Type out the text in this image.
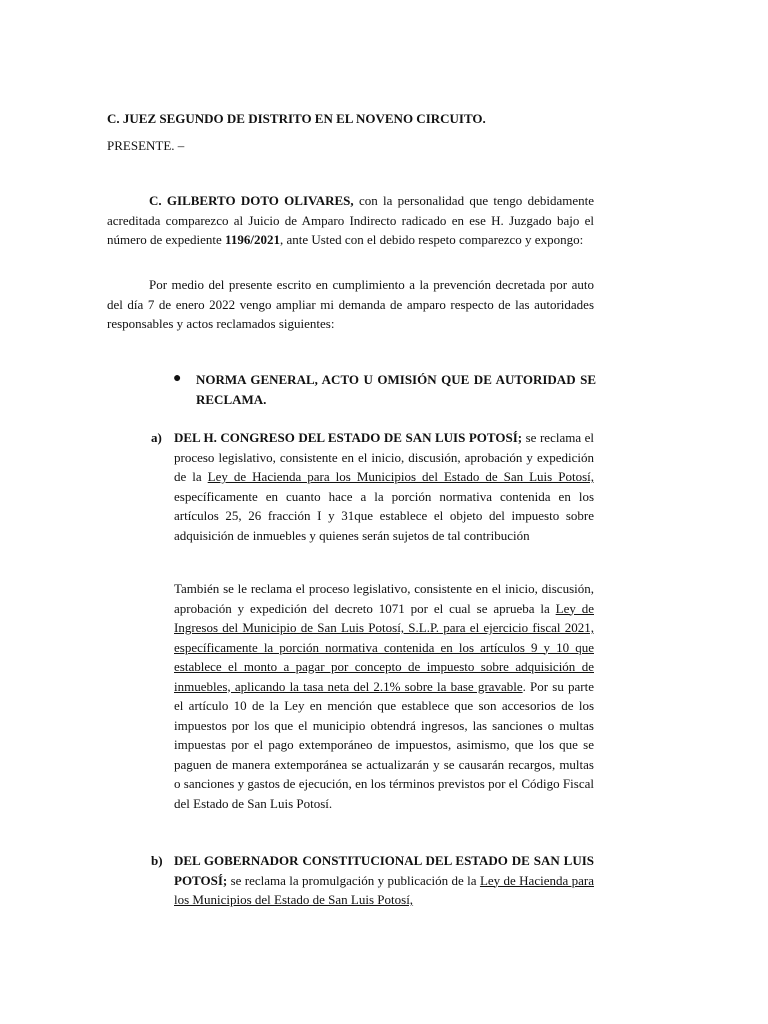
C. JUEZ SEGUNDO DE DISTRITO EN EL NOVENO CIRCUITO.

PRESENTE. –

C. GILBERTO DOTO OLIVARES, con la personalidad que tengo debidamente acreditada comparezco al Juicio de Amparo Indirecto radicado en ese H. Juzgado bajo el número de expediente 1196/2021, ante Usted con el debido respeto comparezco y expongo:

Por medio del presente escrito en cumplimiento a la prevención decretada por auto del día 7 de enero 2022 vengo ampliar mi demanda de amparo respecto de las autoridades responsables y actos reclamados siguientes:

● NORMA GENERAL, ACTO U OMISIÓN QUE DE AUTORIDAD SE RECLAMA.

a) DEL H. CONGRESO DEL ESTADO DE SAN LUIS POTOSÍ; se reclama el proceso legislativo, consistente en el inicio, discusión, aprobación y expedición de la Ley de Hacienda para los Municipios del Estado de San Luis Potosí, específicamente en cuanto hace a la porción normativa contenida en los artículos 25, 26 fracción I y 31que establece el objeto del impuesto sobre adquisición de inmuebles y quienes serán sujetos de tal contribución

También se le reclama el proceso legislativo, consistente en el inicio, discusión, aprobación y expedición del decreto 1071 por el cual se aprueba la Ley de Ingresos del Municipio de San Luis Potosí, S.L.P. para el ejercicio fiscal 2021, específicamente la porción normativa contenida en los artículos 9 y 10 que establece el monto a pagar por concepto de impuesto sobre adquisición de inmuebles, aplicando la tasa neta del 2.1% sobre la base gravable. Por su parte el artículo 10 de la Ley en mención que establece que son accesorios de los impuestos por los que el municipio obtendrá ingresos, las sanciones o multas impuestas por el pago extemporáneo de impuestos, asimismo, que los que se paguen de manera extemporánea se actualizarán y se causarán recargos, multas o sanciones y gastos de ejecución, en los términos previstos por el Código Fiscal del Estado de San Luis Potosí.

b) DEL GOBERNADOR CONSTITUCIONAL DEL ESTADO DE SAN LUIS POTOSÍ; se reclama la promulgación y publicación de la Ley de Hacienda para los Municipios del Estado de San Luis Potosí,
